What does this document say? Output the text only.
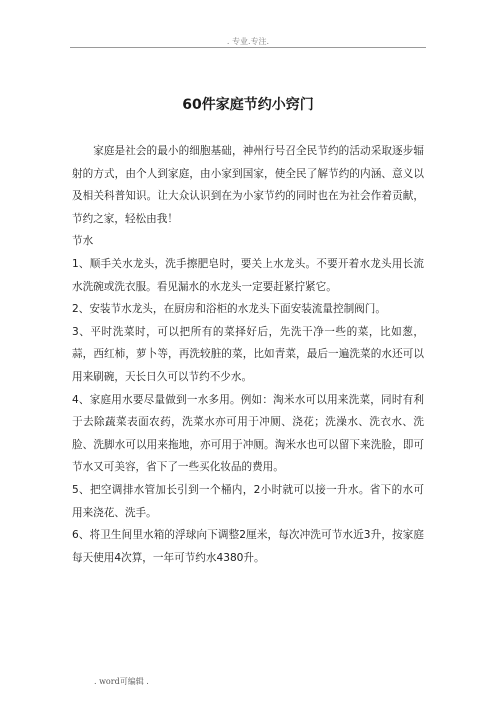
. 专业.专注.
60件家庭节约小窍门

家庭是社会的最小的细胞基础，神州行号召全民节约的活动采取逐步辐射的方式，由个人到家庭，由小家到国家，使全民了解节约的内涵、意义以及相关科普知识。让大众认识到在为小家节约的同时也在为社会作着贡献，节约之家，轻松由我！

节水

1、顺手关水龙头，洗手擦肥皂时，要关上水龙头。不要开着水龙头用长流水洗碗或洗衣服。看见漏水的水龙头一定要赶紧拧紧它。

2、安装节水龙头，在厨房和浴柜的水龙头下面安装流量控制阀门。

3、平时洗菜时，可以把所有的菜择好后，先洗干净一些的菜，比如葱，蒜，西红柿，萝卜等，再洗较脏的菜，比如青菜，最后一遍洗菜的水还可以用来刷碗，天长日久可以节约不少水。

4、家庭用水要尽量做到一水多用。例如：淘米水可以用来洗菜，同时有利于去除蔬菜表面农药，洗菜水亦可用于冲厕、浇花；洗澡水、洗衣水、洗脸、洗脚水可以用来拖地，亦可用于冲厕。淘米水也可以留下来洗脸，即可节水又可美容，省下了一些买化妆品的费用。

5、把空调排水管加长引到一个桶内，2小时就可以接一升水。省下的水可用来浇花、洗手。

6、将卫生间里水箱的浮球向下调整2厘米，每次冲洗可节水近3升，按家庭每天使用4次算，一年可节约水4380升。

. word可编辑 .
